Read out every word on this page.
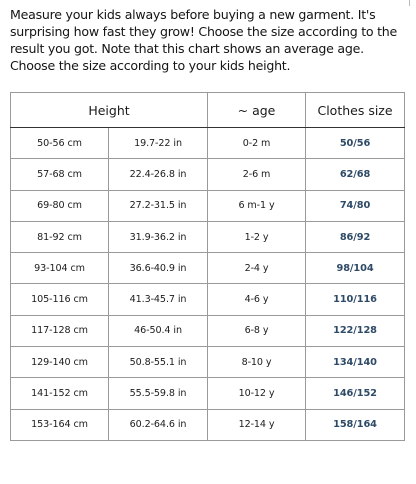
Measure your kids always before buying a new garment. It's surprising how fast they grow! Choose the size according to the result you got. Note that this chart shows an average age. Choose the size according to your kids height.

Height		~ age	Clothes size
50-56 cm	19.7-22 in	0-2 m	50/56
57-68 cm	22.4-26.8 in	2-6 m	62/68
69-80 cm	27.2-31.5 in	6 m-1 y	74/80
81-92 cm	31.9-36.2 in	1-2 y	86/92
93-104 cm	36.6-40.9 in	2-4 y	98/104
105-116 cm	41.3-45.7 in	4-6 y	110/116
117-128 cm	46-50.4 in	6-8 y	122/128
129-140 cm	50.8-55.1 in	8-10 y	134/140
141-152 cm	55.5-59.8 in	10-12 y	146/152
153-164 cm	60.2-64.6 in	12-14 y	158/164
